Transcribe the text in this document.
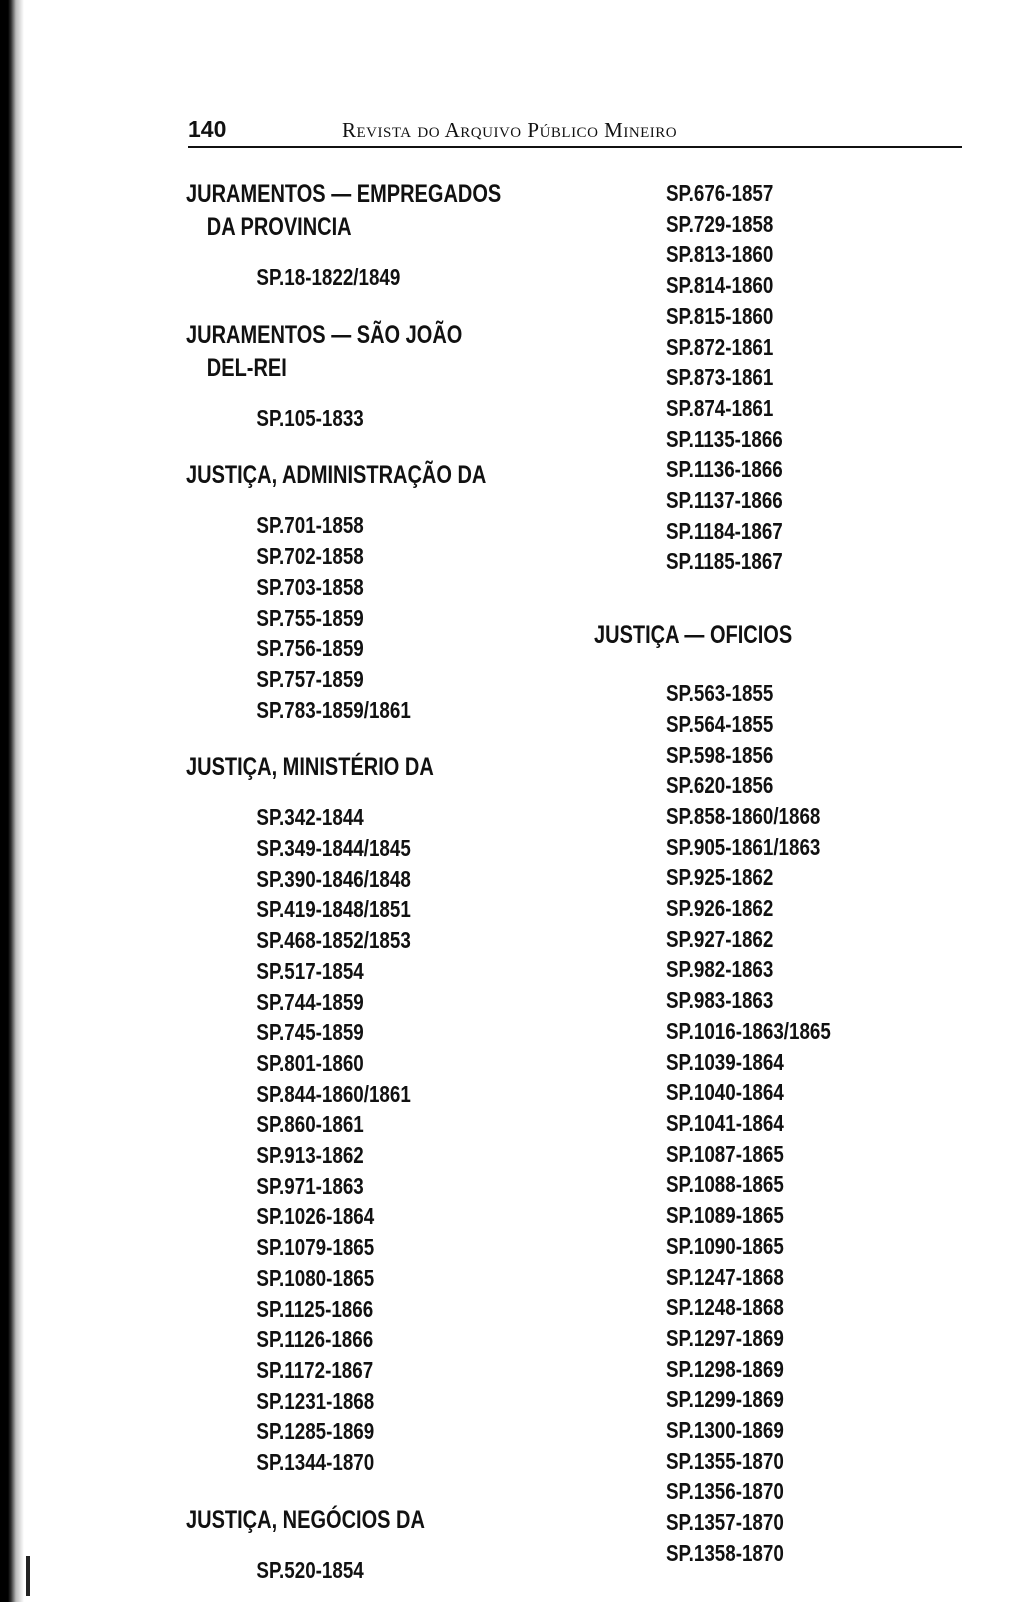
140	Revista do Arquivo Público Mineiro
JURAMENTOS — EMPREGADOS
DA PROVINCIA
SP.18-1822/1849
JURAMENTOS — SÃO JOÃO
DEL-REI
SP.105-1833
JUSTIÇA, ADMINISTRAÇÃO DA
SP.701-1858
SP.702-1858
SP.703-1858
SP.755-1859
SP.756-1859
SP.757-1859
SP.783-1859/1861
JUSTIÇA, MINISTÉRIO DA
SP.342-1844
SP.349-1844/1845
SP.390-1846/1848
SP.419-1848/1851
SP.468-1852/1853
SP.517-1854
SP.744-1859
SP.745-1859
SP.801-1860
SP.844-1860/1861
SP.860-1861
SP.913-1862
SP.971-1863
SP.1026-1864
SP.1079-1865
SP.1080-1865
SP.1125-1866
SP.1126-1866
SP.1172-1867
SP.1231-1868
SP.1285-1869
SP.1344-1870
JUSTIÇA, NEGÓCIOS DA
SP.520-1854
SP.676-1857
SP.729-1858
SP.813-1860
SP.814-1860
SP.815-1860
SP.872-1861
SP.873-1861
SP.874-1861
SP.1135-1866
SP.1136-1866
SP.1137-1866
SP.1184-1867
SP.1185-1867
JUSTIÇA — OFICIOS
SP.563-1855
SP.564-1855
SP.598-1856
SP.620-1856
SP.858-1860/1868
SP.905-1861/1863
SP.925-1862
SP.926-1862
SP.927-1862
SP.982-1863
SP.983-1863
SP.1016-1863/1865
SP.1039-1864
SP.1040-1864
SP.1041-1864
SP.1087-1865
SP.1088-1865
SP.1089-1865
SP.1090-1865
SP.1247-1868
SP.1248-1868
SP.1297-1869
SP.1298-1869
SP.1299-1869
SP.1300-1869
SP.1355-1870
SP.1356-1870
SP.1357-1870
SP.1358-1870
